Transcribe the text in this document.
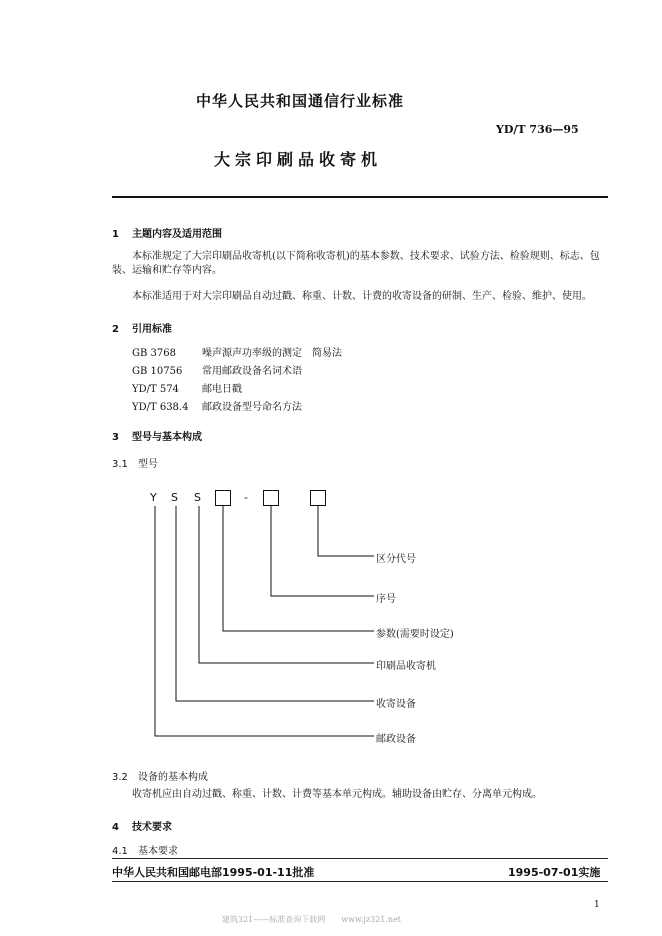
中华人民共和国通信行业标准
YD/T 736—95
大宗印刷品收寄机
1 主题内容及适用范围
本标准规定了大宗印刷品收寄机(以下简称收寄机)的基本参数、技术要求、试验方法、检验规则、标志、包装、运输和贮存等内容。
本标准适用于对大宗印刷品自动过戳、称重、计数、计费的收寄设备的研制、生产、检验、维护、使用。
2 引用标准
GB 3768	噪声源声功率级的测定　简易法
GB 10756 常用邮政设备名词术语
YD/T 574 邮电日戳
YD/T 638.4 邮政设备型号命名方法
3 型号与基本构成
3.1 型号
Y S S	-
区分代号
序号
参数(需要时设定)
印刷品收寄机
收寄设备
邮政设备
3.2 设备的基本构成
收寄机应由自动过戳、称重、计数、计费等基本单元构成。辅助设备由贮存、分离单元构成。
4 技术要求
4.1 基本要求
中华人民共和国邮电部1995-01-11批准	1995-07-01实施
1
建筑321——标准查询下载网　　www.jz321.net
